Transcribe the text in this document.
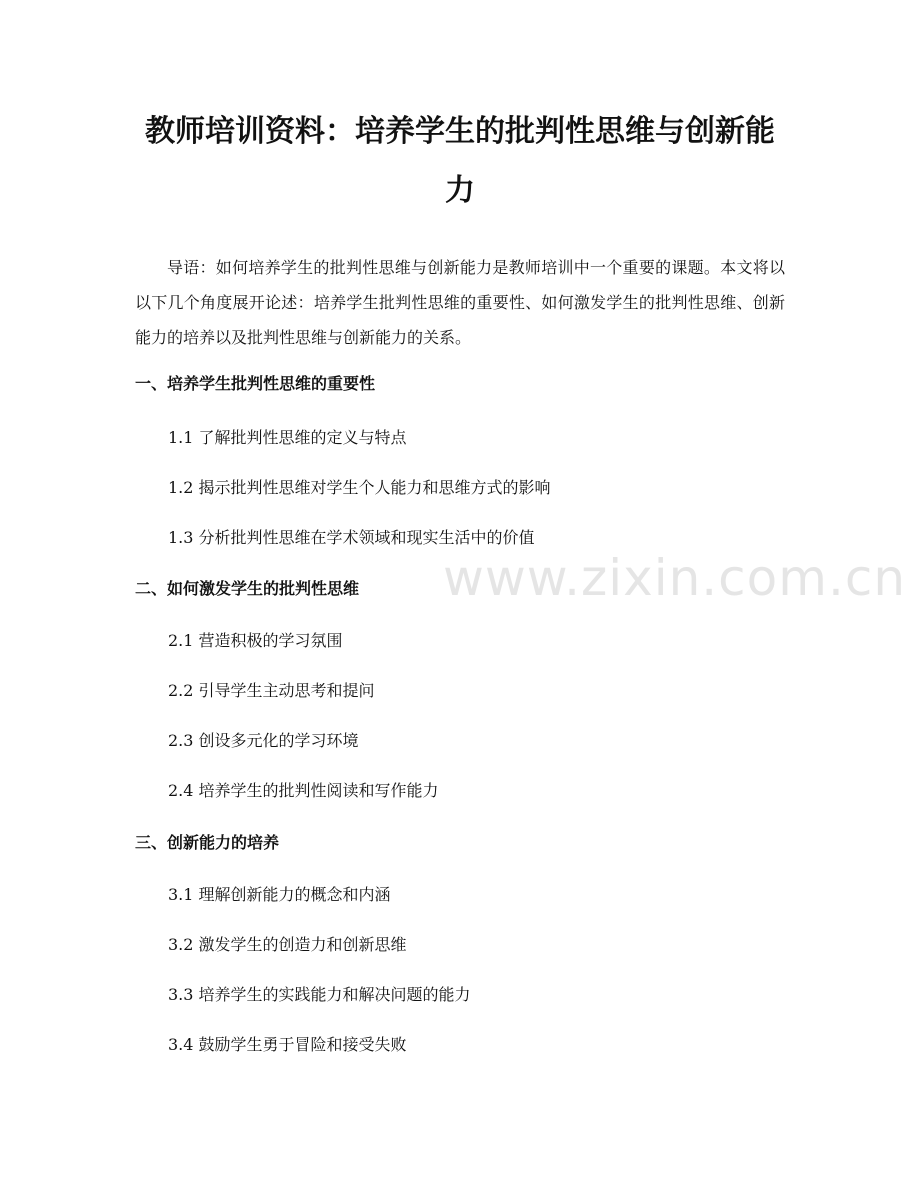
教师培训资料：培养学生的批判性思维与创新能力

导语：如何培养学生的批判性思维与创新能力是教师培训中一个重要的课题。本文将以以下几个角度展开论述：培养学生批判性思维的重要性、如何激发学生的批判性思维、创新能力的培养以及批判性思维与创新能力的关系。

一、培养学生批判性思维的重要性

1.1 了解批判性思维的定义与特点

1.2 揭示批判性思维对学生个人能力和思维方式的影响

1.3 分析批判性思维在学术领域和现实生活中的价值

二、如何激发学生的批判性思维

2.1 营造积极的学习氛围

2.2 引导学生主动思考和提问

2.3 创设多元化的学习环境

2.4 培养学生的批判性阅读和写作能力

三、创新能力的培养

3.1 理解创新能力的概念和内涵

3.2 激发学生的创造力和创新思维

3.3 培养学生的实践能力和解决问题的能力

3.4 鼓励学生勇于冒险和接受失败

www.zixin.com.cn
